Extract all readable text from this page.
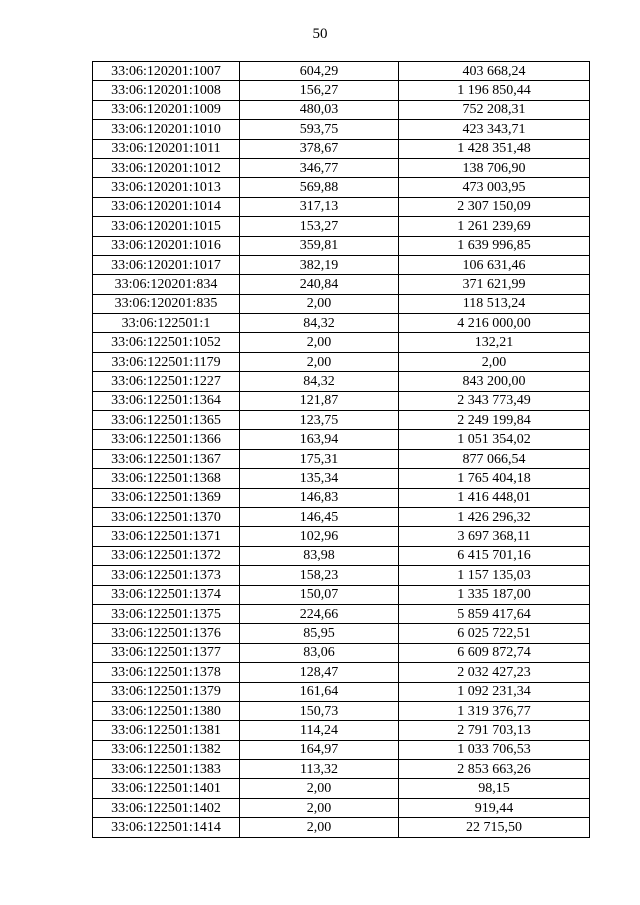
50
33:06:120201:1007	604,29	403 668,24
33:06:120201:1008	156,27	1 196 850,44
33:06:120201:1009	480,03	752 208,31
33:06:120201:1010	593,75	423 343,71
33:06:120201:1011	378,67	1 428 351,48
33:06:120201:1012	346,77	138 706,90
33:06:120201:1013	569,88	473 003,95
33:06:120201:1014	317,13	2 307 150,09
33:06:120201:1015	153,27	1 261 239,69
33:06:120201:1016	359,81	1 639 996,85
33:06:120201:1017	382,19	106 631,46
33:06:120201:834	240,84	371 621,99
33:06:120201:835	2,00	118 513,24
33:06:122501:1	84,32	4 216 000,00
33:06:122501:1052	2,00	132,21
33:06:122501:1179	2,00	2,00
33:06:122501:1227	84,32	843 200,00
33:06:122501:1364	121,87	2 343 773,49
33:06:122501:1365	123,75	2 249 199,84
33:06:122501:1366	163,94	1 051 354,02
33:06:122501:1367	175,31	877 066,54
33:06:122501:1368	135,34	1 765 404,18
33:06:122501:1369	146,83	1 416 448,01
33:06:122501:1370	146,45	1 426 296,32
33:06:122501:1371	102,96	3 697 368,11
33:06:122501:1372	83,98	6 415 701,16
33:06:122501:1373	158,23	1 157 135,03
33:06:122501:1374	150,07	1 335 187,00
33:06:122501:1375	224,66	5 859 417,64
33:06:122501:1376	85,95	6 025 722,51
33:06:122501:1377	83,06	6 609 872,74
33:06:122501:1378	128,47	2 032 427,23
33:06:122501:1379	161,64	1 092 231,34
33:06:122501:1380	150,73	1 319 376,77
33:06:122501:1381	114,24	2 791 703,13
33:06:122501:1382	164,97	1 033 706,53
33:06:122501:1383	113,32	2 853 663,26
33:06:122501:1401	2,00	98,15
33:06:122501:1402	2,00	919,44
33:06:122501:1414	2,00	22 715,50
